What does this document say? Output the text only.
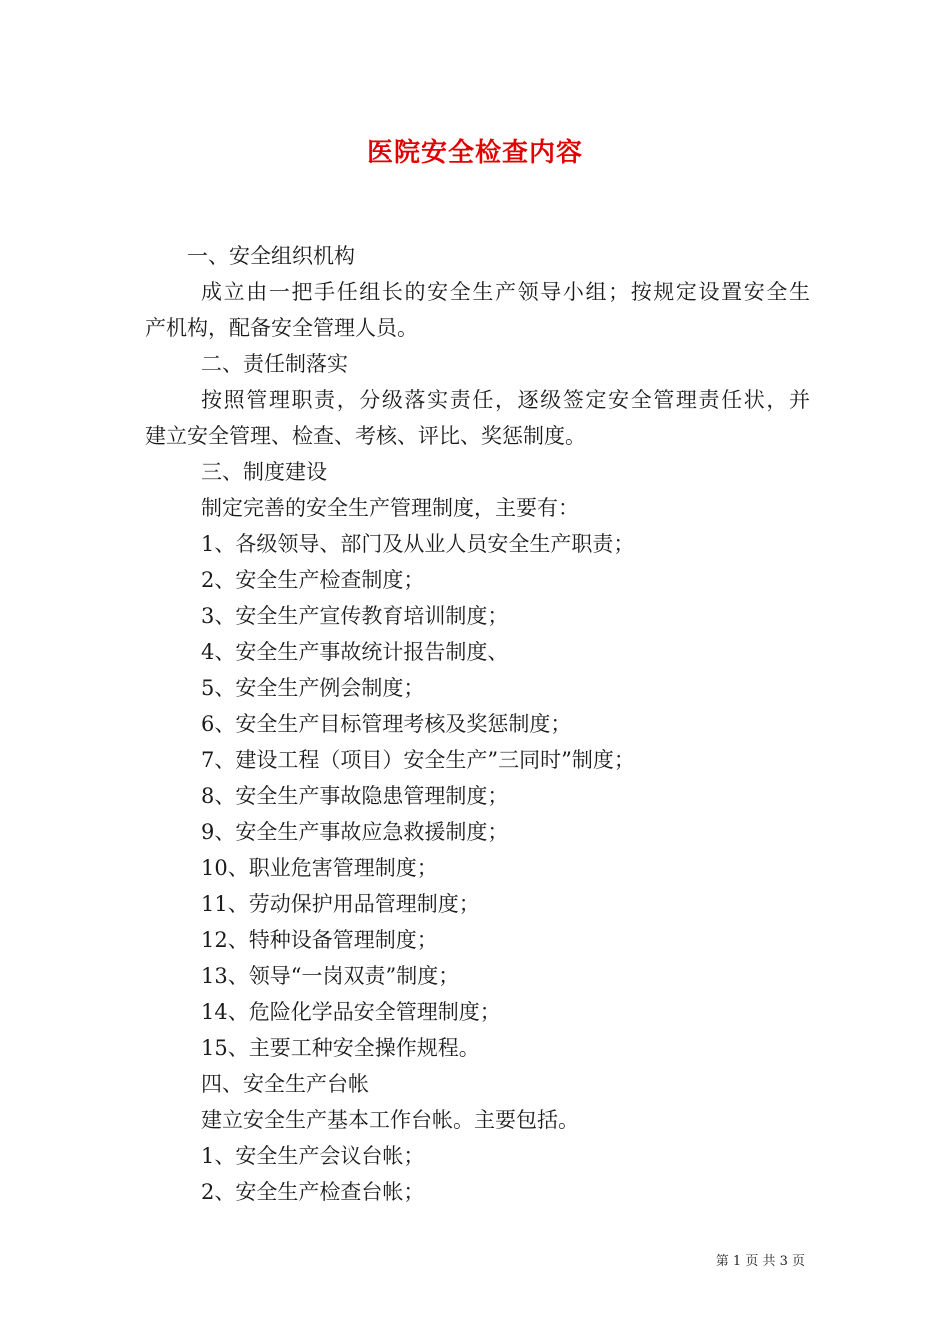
医院安全检查内容
一、安全组织机构
成立由一把手任组长的安全生产领导小组；按规定设置安全生
产机构，配备安全管理人员。
二、责任制落实
按照管理职责，分级落实责任，逐级签定安全管理责任状，并
建立安全管理、检查、考核、评比、奖惩制度。
三、制度建设
制定完善的安全生产管理制度，主要有：
1、各级领导、部门及从业人员安全生产职责；
2、安全生产检查制度；
3、安全生产宣传教育培训制度；
4、安全生产事故统计报告制度、
5、安全生产例会制度；
6、安全生产目标管理考核及奖惩制度；
7、建设工程（项目）安全生产”三同时”制度；
8、安全生产事故隐患管理制度；
9、安全生产事故应急救援制度；
10、职业危害管理制度；
11、劳动保护用品管理制度；
12、特种设备管理制度；
13、领导“一岗双责”制度；
14、危险化学品安全管理制度；
15、主要工种安全操作规程。
四、安全生产台帐
建立安全生产基本工作台帐。主要包括。
1、安全生产会议台帐；
2、安全生产检查台帐；
第 1 页 共 3 页
